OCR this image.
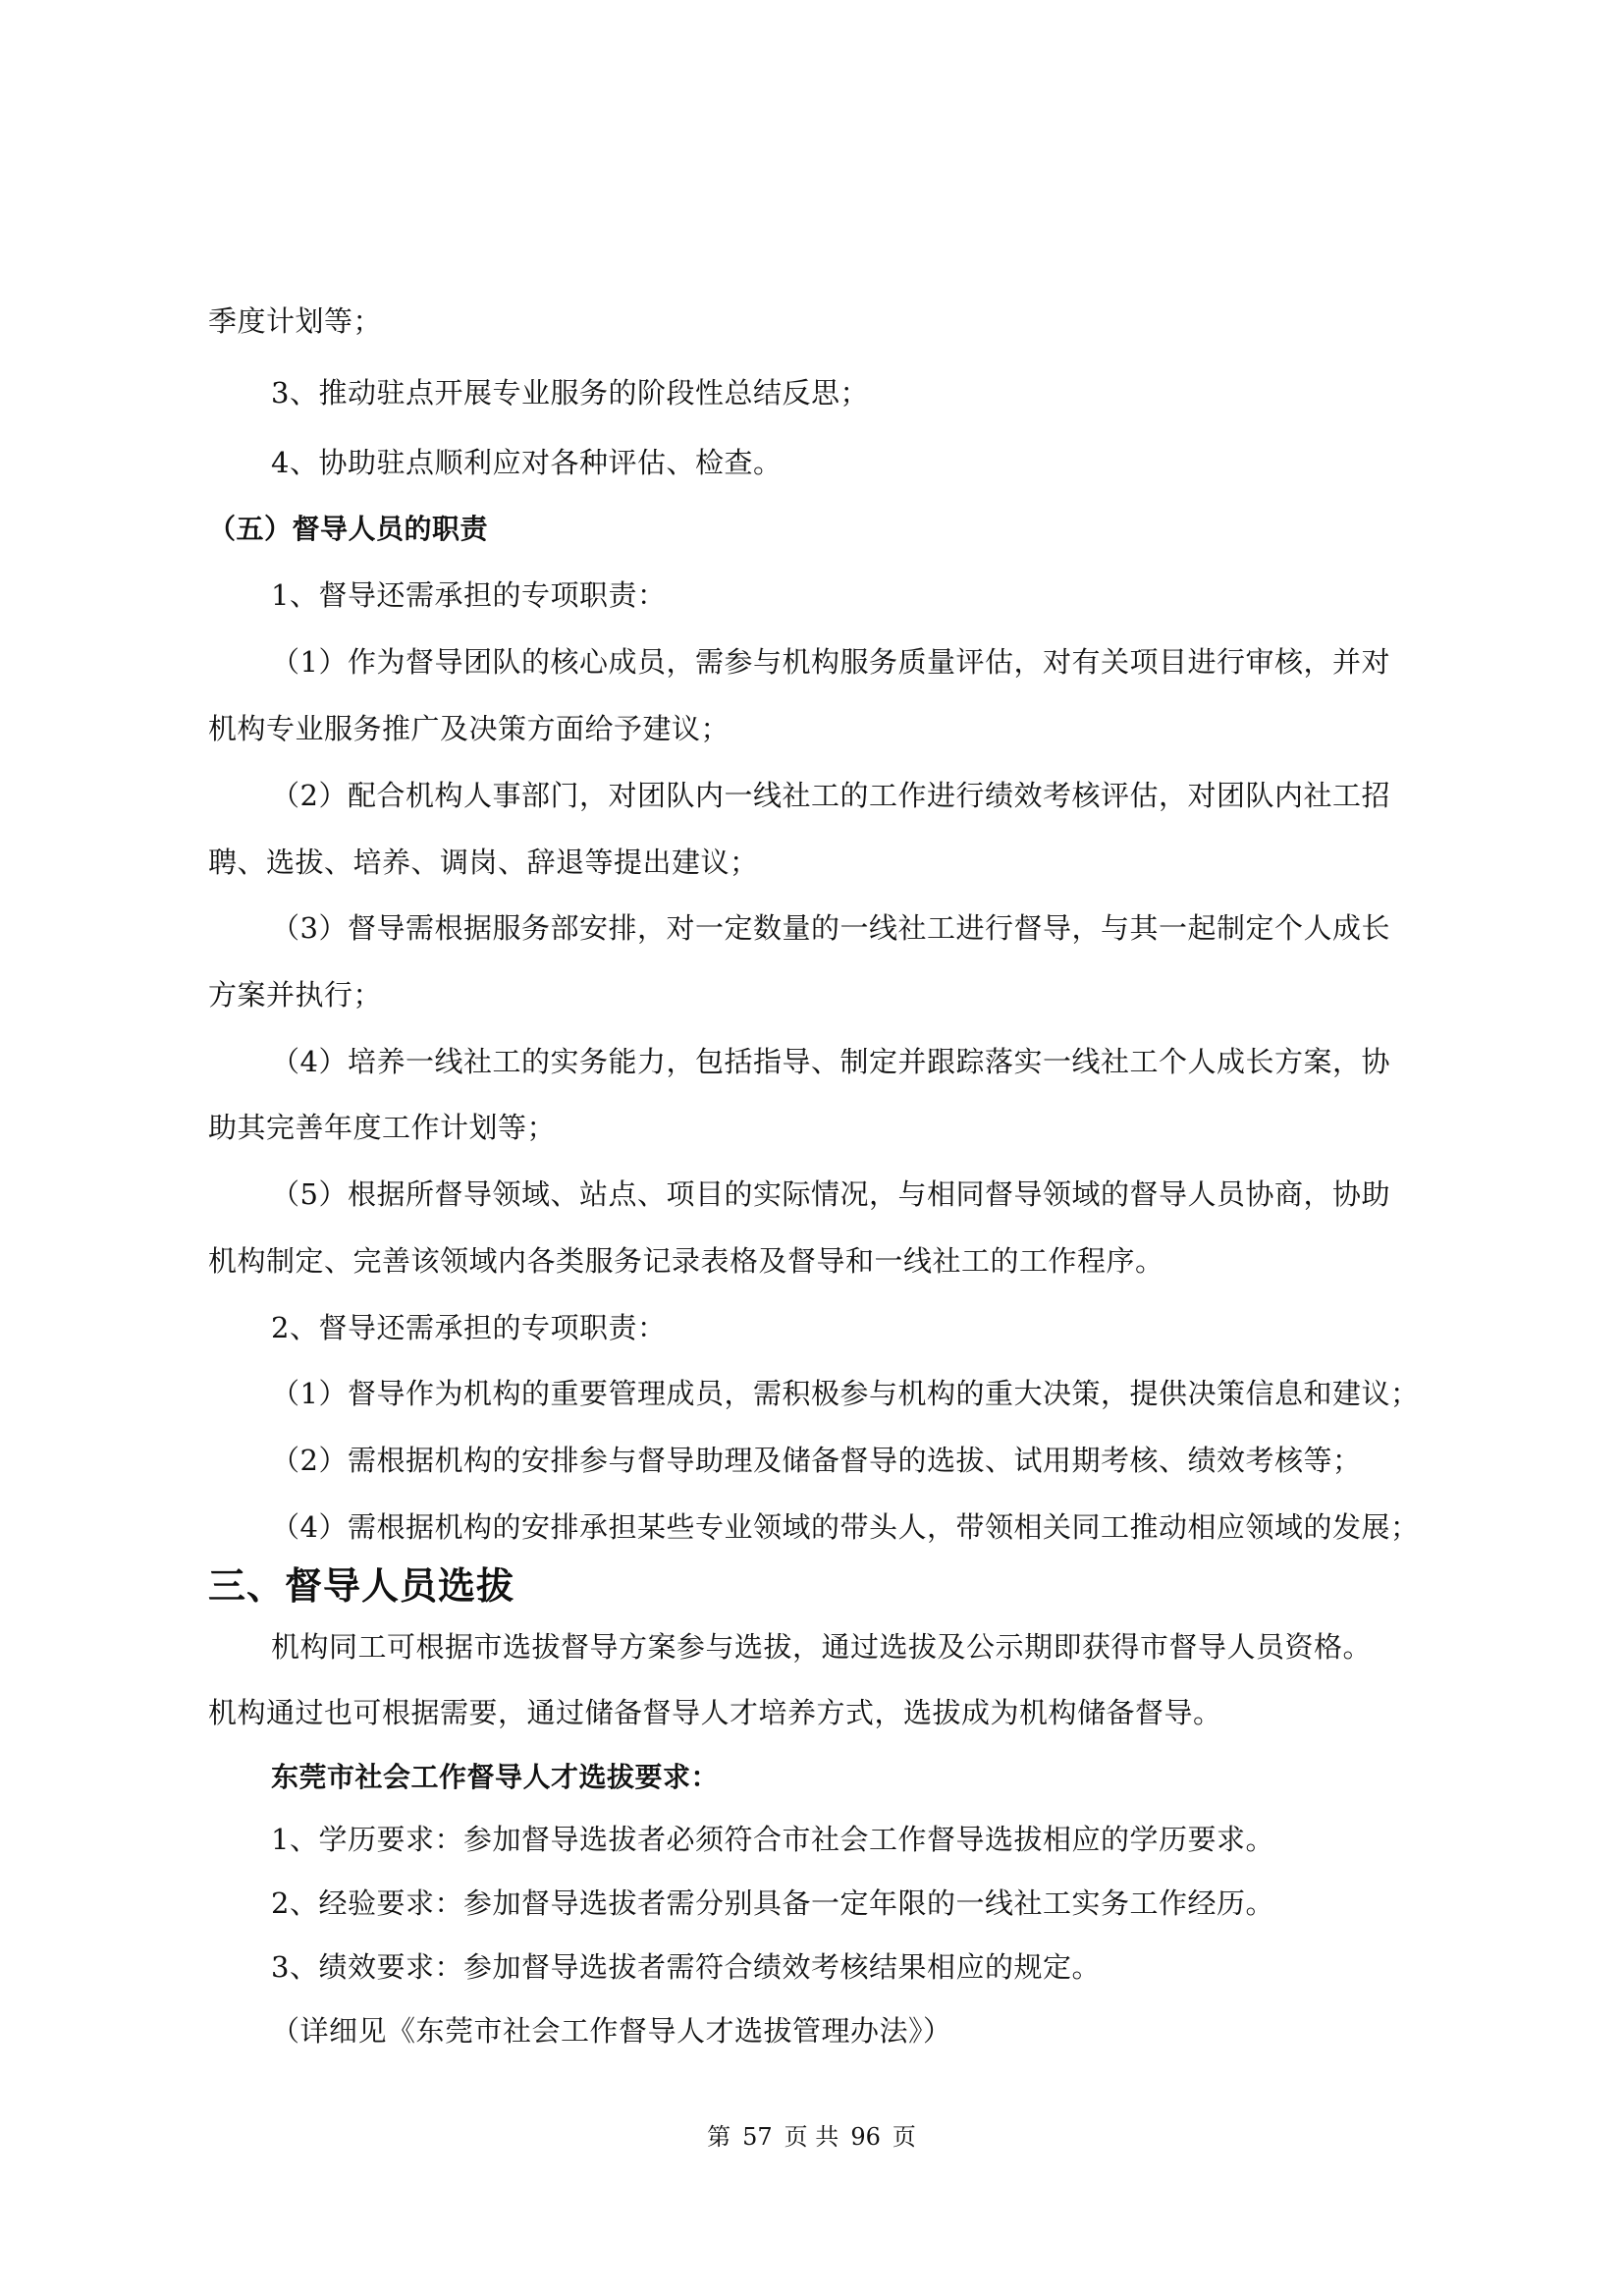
季度计划等；
3、推动驻点开展专业服务的阶段性总结反思；
4、协助驻点顺利应对各种评估、检查。
（五）督导人员的职责
1、督导还需承担的专项职责：
（1）作为督导团队的核心成员，需参与机构服务质量评估，对有关项目进行审核，并对
机构专业服务推广及决策方面给予建议；
（2）配合机构人事部门，对团队内一线社工的工作进行绩效考核评估，对团队内社工招
聘、选拔、培养、调岗、辞退等提出建议；
（3）督导需根据服务部安排，对一定数量的一线社工进行督导，与其一起制定个人成长
方案并执行；
（4）培养一线社工的实务能力，包括指导、制定并跟踪落实一线社工个人成长方案，协
助其完善年度工作计划等；
（5）根据所督导领域、站点、项目的实际情况，与相同督导领域的督导人员协商，协助
机构制定、完善该领域内各类服务记录表格及督导和一线社工的工作程序。
2、督导还需承担的专项职责：
（1）督导作为机构的重要管理成员，需积极参与机构的重大决策，提供决策信息和建议；
（2）需根据机构的安排参与督导助理及储备督导的选拔、试用期考核、绩效考核等；
（4）需根据机构的安排承担某些专业领域的带头人，带领相关同工推动相应领域的发展；
三、督导人员选拔
机构同工可根据市选拔督导方案参与选拔，通过选拔及公示期即获得市督导人员资格。
机构通过也可根据需要，通过储备督导人才培养方式，选拔成为机构储备督导。
东莞市社会工作督导人才选拔要求：
1、学历要求：参加督导选拔者必须符合市社会工作督导选拔相应的学历要求。
2、经验要求：参加督导选拔者需分别具备一定年限的一线社工实务工作经历。
3、绩效要求：参加督导选拔者需符合绩效考核结果相应的规定。
（详细见《东莞市社会工作督导人才选拔管理办法》）
第 57 页 共 96 页
